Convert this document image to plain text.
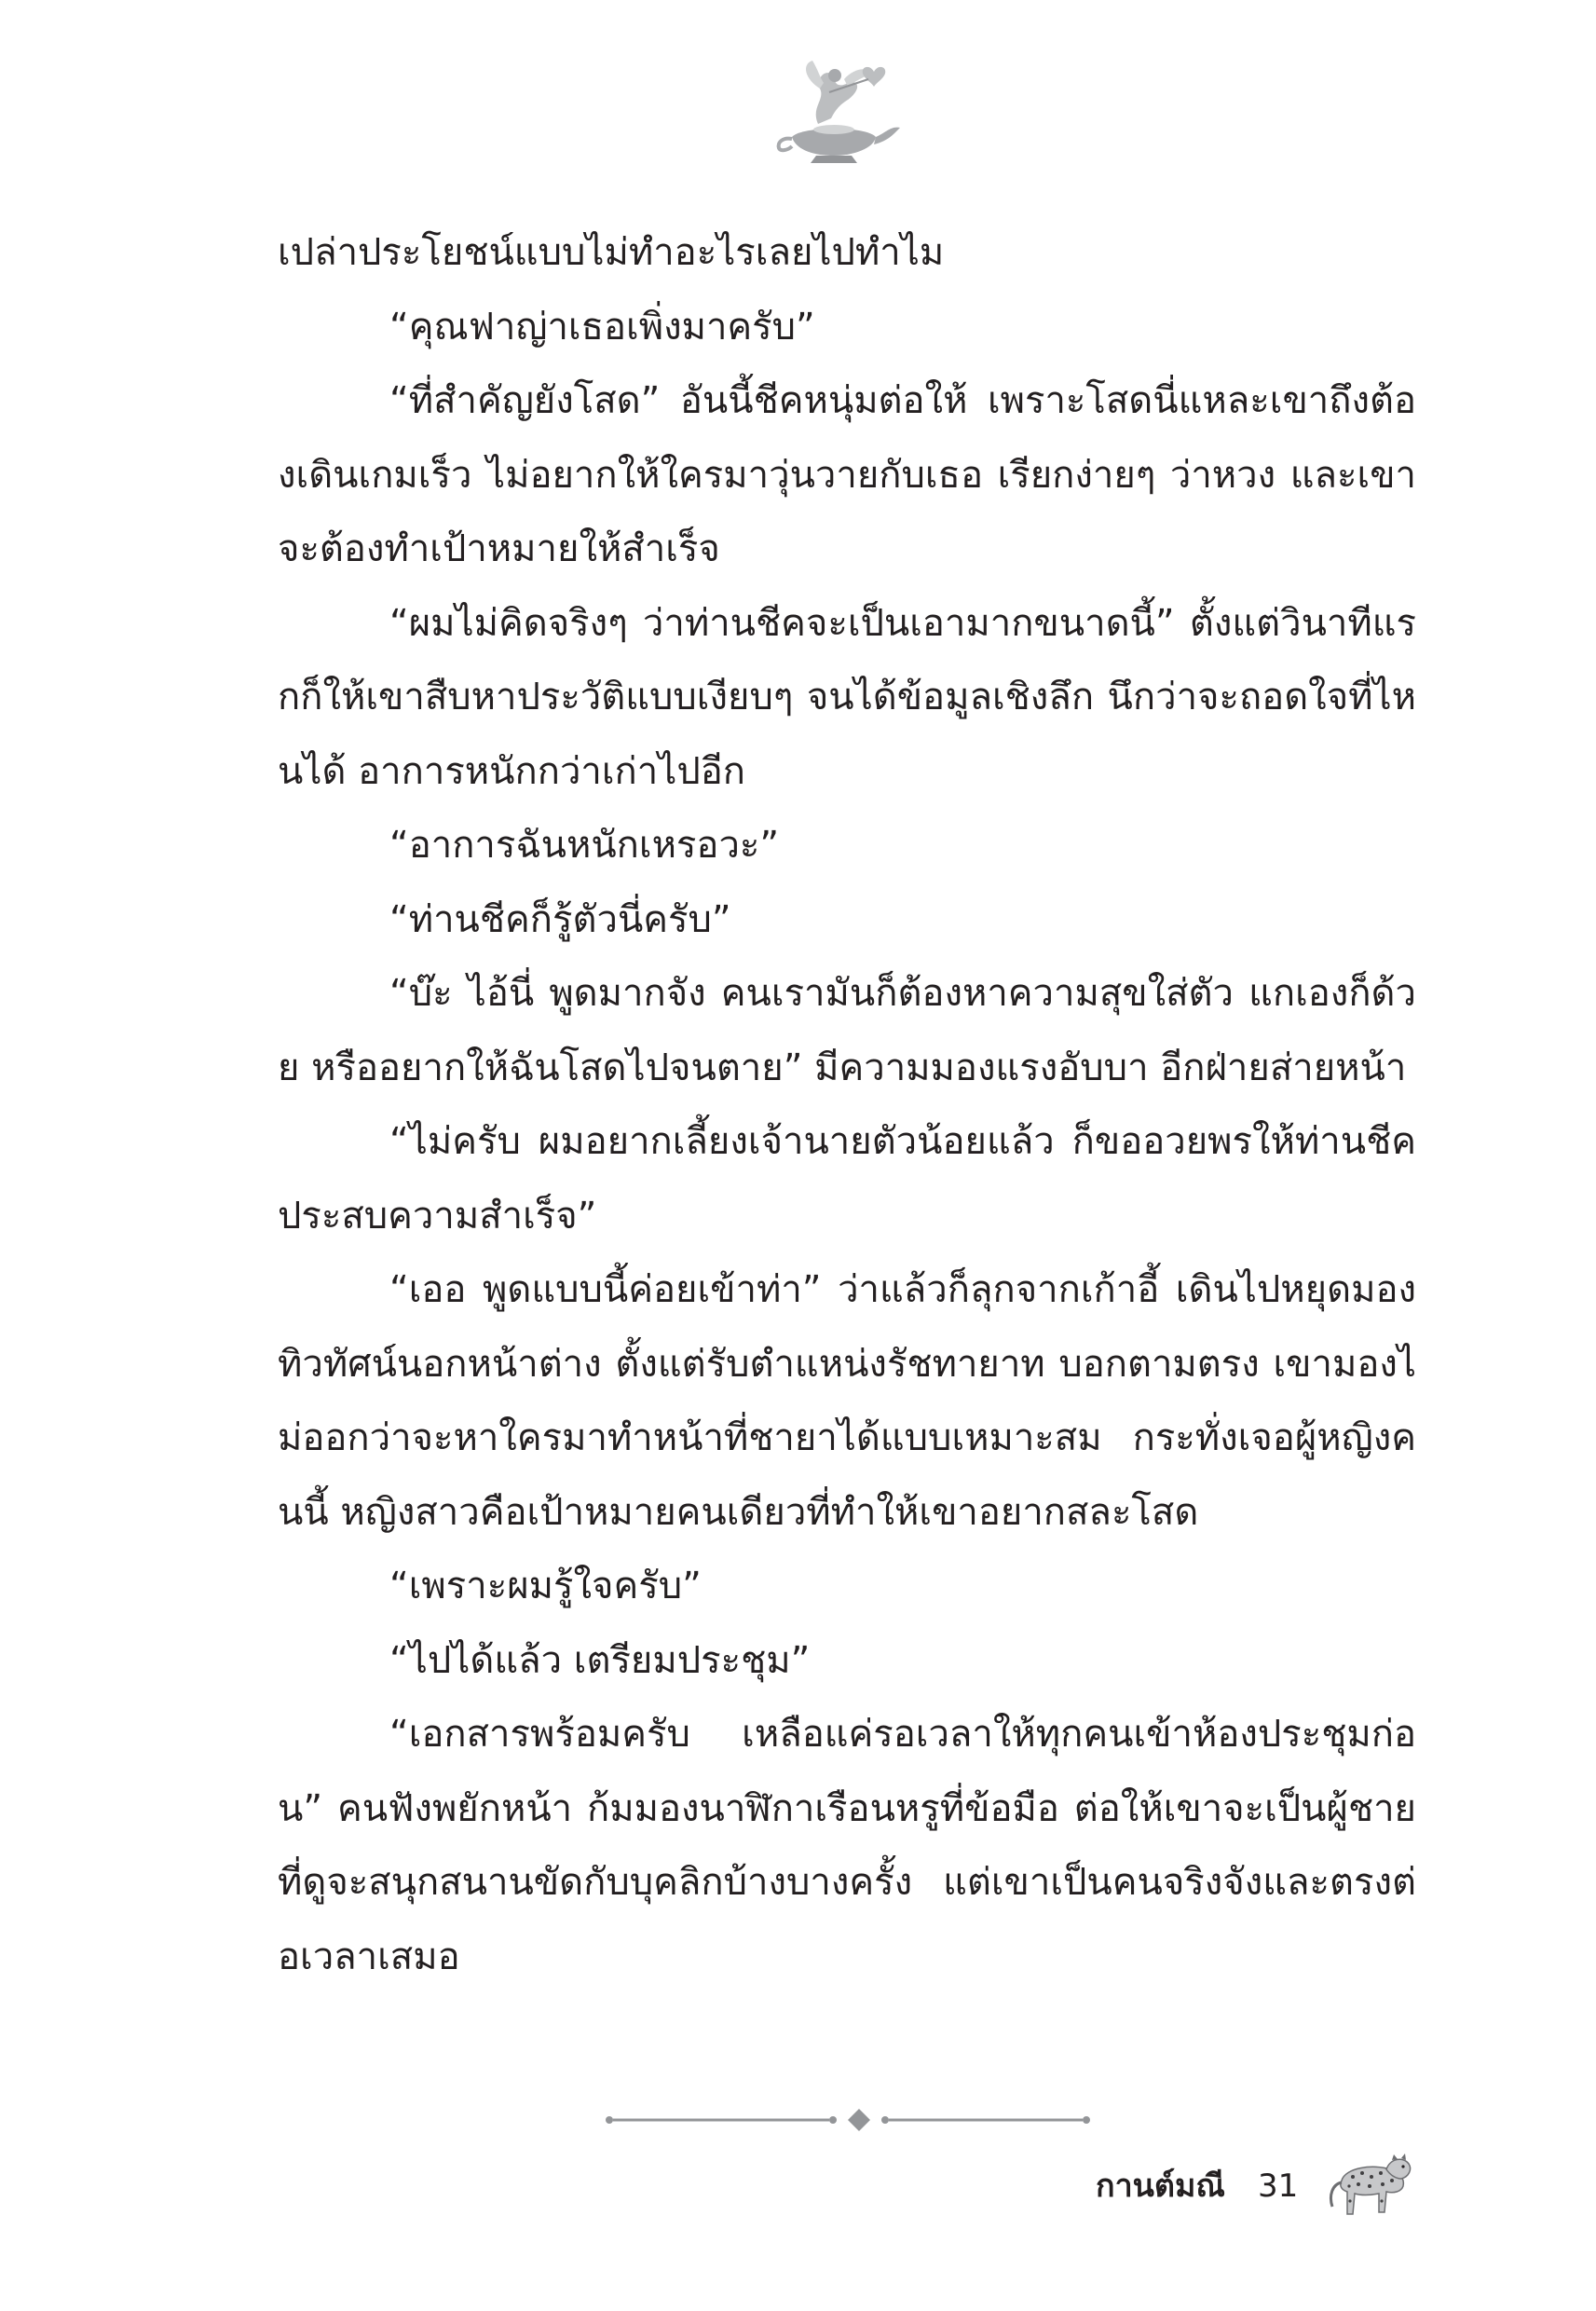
เปล่าประโยชน์แบบไม่ทำอะไรเลยไปทำไม

“คุณฟาญ่าเธอเพิ่งมาครับ”

“ที่สำคัญยังโสด” อันนี้ชีคหนุ่มต่อให้ เพราะโสดนี่แหละเขาถึงต้องเดินเกมเร็ว ไม่อยากให้ใครมาวุ่นวายกับเธอ เรียกง่ายๆ ว่าหวง และเขาจะต้องทำเป้าหมายให้สำเร็จ

“ผมไม่คิดจริงๆ ว่าท่านชีคจะเป็นเอามากขนาดนี้” ตั้งแต่วินาทีแรกก็ให้เขาสืบหาประวัติแบบเงียบๆ จนได้ข้อมูลเชิงลึก นึกว่าจะถอดใจที่ไหนได้ อาการหนักกว่าเก่าไปอีก

“อาการฉันหนักเหรอวะ”

“ท่านชีคก็รู้ตัวนี่ครับ”

“บ๊ะ ไอ้นี่ พูดมากจัง คนเรามันก็ต้องหาความสุขใส่ตัว แกเองก็ด้วย หรืออยากให้ฉันโสดไปจนตาย” มีความมองแรงอับบา อีกฝ่ายส่ายหน้า

“ไม่ครับ ผมอยากเลี้ยงเจ้านายตัวน้อยแล้ว ก็ขออวยพรให้ท่านชีคประสบความสำเร็จ”

“เออ พูดแบบนี้ค่อยเข้าท่า” ว่าแล้วก็ลุกจากเก้าอี้ เดินไปหยุดมองทิวทัศน์นอกหน้าต่าง ตั้งแต่รับตำแหน่งรัชทายาท บอกตามตรง เขามองไม่ออกว่าจะหาใครมาทำหน้าที่ชายาได้แบบเหมาะสม กระทั่งเจอผู้หญิงคนนี้ หญิงสาวคือเป้าหมายคนเดียวที่ทำให้เขาอยากสละโสด

“เพราะผมรู้ใจครับ”

“ไปได้แล้ว เตรียมประชุม”

“เอกสารพร้อมครับ เหลือแค่รอเวลาให้ทุกคนเข้าห้องประชุมก่อน” คนฟังพยักหน้า ก้มมองนาฬิกาเรือนหรูที่ข้อมือ ต่อให้เขาจะเป็นผู้ชายที่ดูจะสนุกสนานขัดกับบุคลิกบ้างบางครั้ง แต่เขาเป็นคนจริงจังและตรงต่อเวลาเสมอ

กานต์มณี 31
